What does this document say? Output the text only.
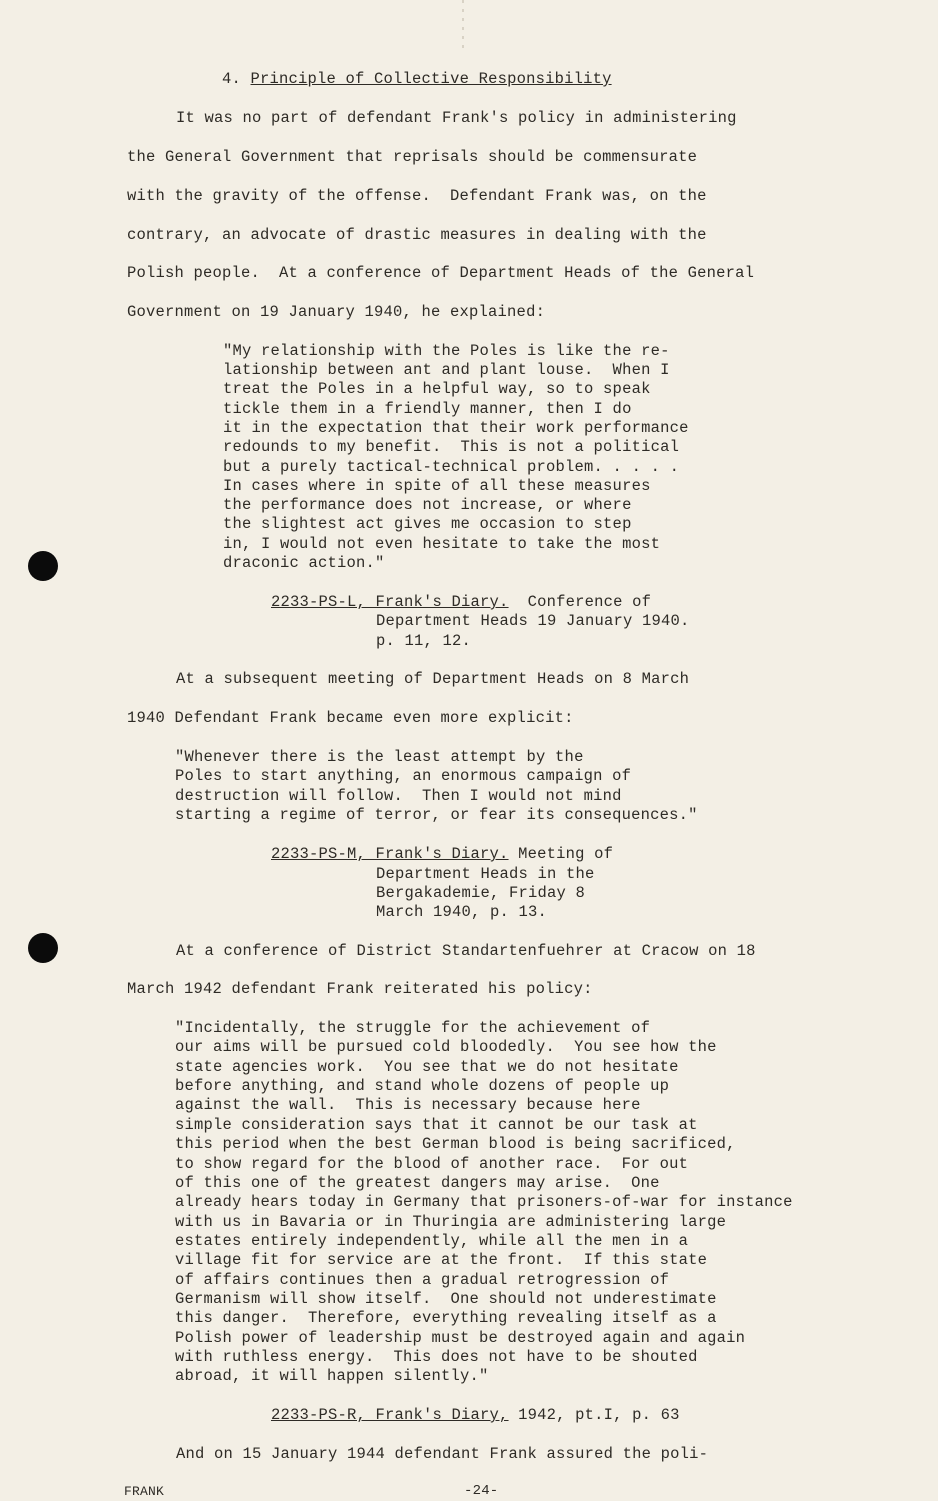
4. Principle of Collective Responsibility
It was no part of defendant Frank's policy in administering
the General Government that reprisals should be commensurate
with the gravity of the offense.  Defendant Frank was, on the
contrary, an advocate of drastic measures in dealing with the
Polish people.  At a conference of Department Heads of the General
Government on 19 January 1940, he explained:
"My relationship with the Poles is like the re-
lationship between ant and plant louse.  When I
treat the Poles in a helpful way, so to speak
tickle them in a friendly manner, then I do
it in the expectation that their work performance
redounds to my benefit.  This is not a political
but a purely tactical-technical problem. . . . .
In cases where in spite of all these measures
the performance does not increase, or where
the slightest act gives me occasion to step
in, I would not even hesitate to take the most
draconic action."
2233-PS-L, Frank's Diary. Conference of
Department Heads 19 January 1940.
p. 11, 12.
At a subsequent meeting of Department Heads on 8 March
1940 Defendant Frank became even more explicit:
"Whenever there is the least attempt by the
Poles to start anything, an enormous campaign of
destruction will follow.  Then I would not mind
starting a regime of terror, or fear its consequences."
2233-PS-M, Frank's Diary. Meeting of
Department Heads in the
Bergakademie, Friday 8
March 1940, p. 13.
At a conference of District Standartenfuehrer at Cracow on 18
March 1942 defendant Frank reiterated his policy:
"Incidentally, the struggle for the achievement of
our aims will be pursued cold bloodedly.  You see how the
state agencies work.  You see that we do not hesitate
before anything, and stand whole dozens of people up
against the wall.  This is necessary because here
simple consideration says that it cannot be our task at
this period when the best German blood is being sacrificed,
to show regard for the blood of another race.  For out
of this one of the greatest dangers may arise.  One
already hears today in Germany that prisoners-of-war for instance
with us in Bavaria or in Thuringia are administering large
estates entirely independently, while all the men in a
village fit for service are at the front.  If this state
of affairs continues then a gradual retrogression of
Germanism will show itself.  One should not underestimate
this danger.  Therefore, everything revealing itself as a
Polish power of leadership must be destroyed again and again
with ruthless energy.  This does not have to be shouted
abroad, it will happen silently."
2233-PS-R, Frank's Diary, 1942, pt.I, p. 63
And on 15 January 1944 defendant Frank assured the poli-
FRANK	-24-
